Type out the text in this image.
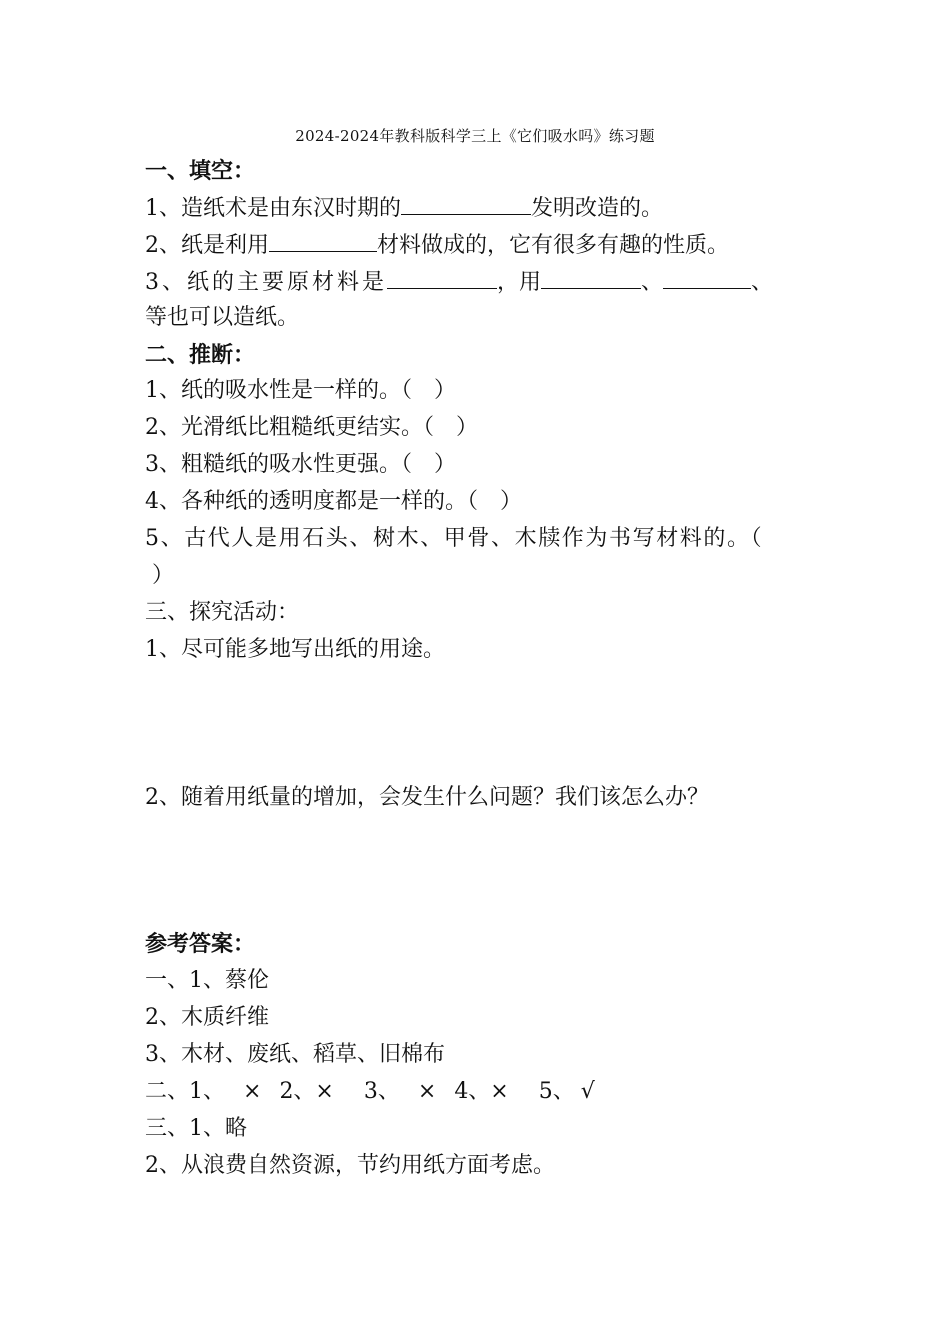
2024-2024年教科版科学三上《它们吸水吗》练习题
一、填空：
1、造纸术是由东汉时期的	发明改造的。
2、纸是利用	材料做成的，它有很多有趣的性质。
3、纸的主要原材料是	，用	、	、
等也可以造纸。
二、推断：
1、纸的吸水性是一样的。（ ）
2、光滑纸比粗糙纸更结实。（ ）
3、粗糙纸的吸水性更强。（ ）
4、各种纸的透明度都是一样的。（ ）
5、古代人是用石头、树木、甲骨、木牍作为书写材料的。（
）
三、探究活动：
1、尽可能多地写出纸的用途。
2、随着用纸量的增加，会发生什么问题？我们该怎么办？
参考答案：
一、1、蔡伦
2、木质纤维
3、木材、废纸、稻草、旧棉布
二、1、 × 2、× 3、 × 4、× 5、 √
三、1、略
2、从浪费自然资源，节约用纸方面考虑。
